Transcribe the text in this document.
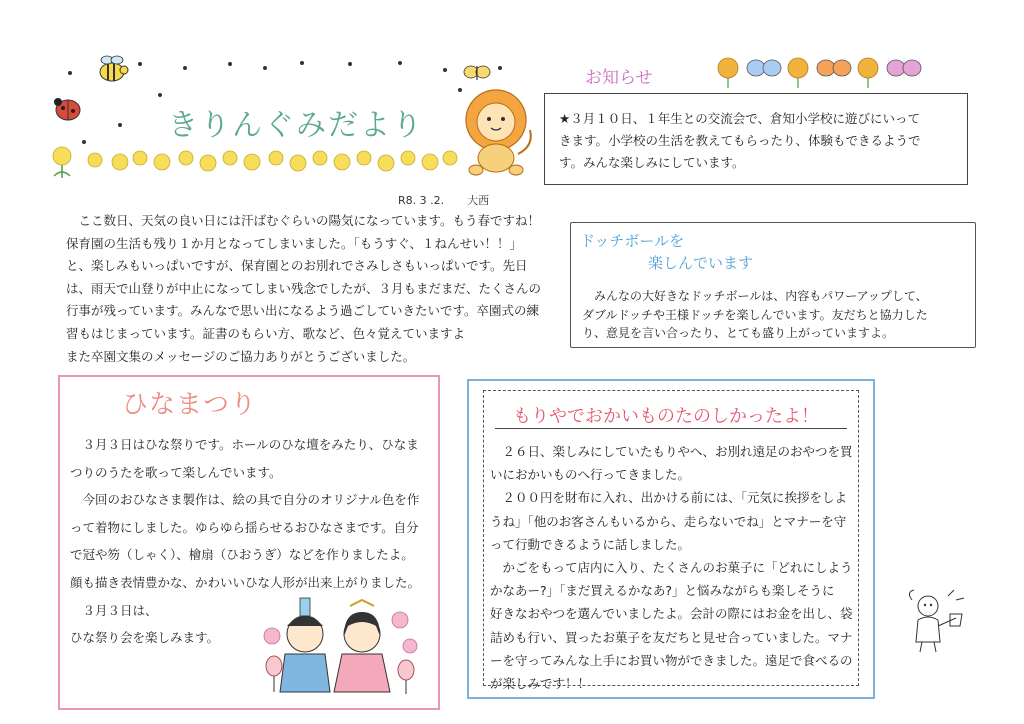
きりんぐみだより
R8. 3 .2. 大西
ここ数日、天気の良い日には汗ばむぐらいの陽気になっています。もう春ですね！
保育園の生活も残り１か月となってしまいました。「もうすぐ、１ねんせい！！」
と、楽しみもいっぱいですが、保育園とのお別れでさみしさもいっぱいです。先日
は、雨天で山登りが中止になってしまい残念でしたが、３月もまだまだ、たくさんの
行事が残っています。みんなで思い出になるよう過ごしていきたいです。卒園式の練
習もはじまっています。証書のもらい方、歌など、色々覚えていますよ
また卒園文集のメッセージのご協力ありがとうございました。
お知らせ
★３月１０日、１年生との交流会で、倉知小学校に遊びにいって
きます。小学校の生活を教えてもらったり、体験もできるようで
す。みんな楽しみにしています。
ドッチボールを
楽しんでいます
みんなの大好きなドッチボールは、内容もパワーアップして、
ダブルドッチや王様ドッチを楽しんでいます。友だちと協力した
り、意見を言い合ったり、とても盛り上がっていますよ。
ひなまつり
３月３日はひな祭りです。ホールのひな壇をみたり、ひなま
つりのうたを歌って楽しんでいます。
今回のおひなさま製作は、絵の具で自分のオリジナル色を作
って着物にしました。ゆらゆら揺らせるおひなさまです。自分
で冠や笏（しゃく）、檜扇（ひおうぎ）などを作りましたよ。
顔も描き表情豊かな、かわいいひな人形が出来上がりました。
３月３日は、
ひな祭り会を楽しみます。
もりやでおかいものたのしかったよ！
２６日、楽しみにしていたもりやへ、お別れ遠足のおやつを買
いにおかいものへ行ってきました。
２００円を財布に入れ、出かける前には、「元気に挨拶をしよ
うね」「他のお客さんもいるから、走らないでね」とマナーを守
って行動できるように話しました。
かごをもって店内に入り、たくさんのお菓子に「どれにしよう
かなあー?」「まだ買えるかなあ?」と悩みながらも楽しそうに
好きなおやつを選んでいましたよ。会計の際にはお金を出し、袋
詰めも行い、買ったお菓子を友だちと見せ合っていました。マナ
ーを守ってみんな上手にお買い物ができました。遠足で食べるの
が楽しみです！！
